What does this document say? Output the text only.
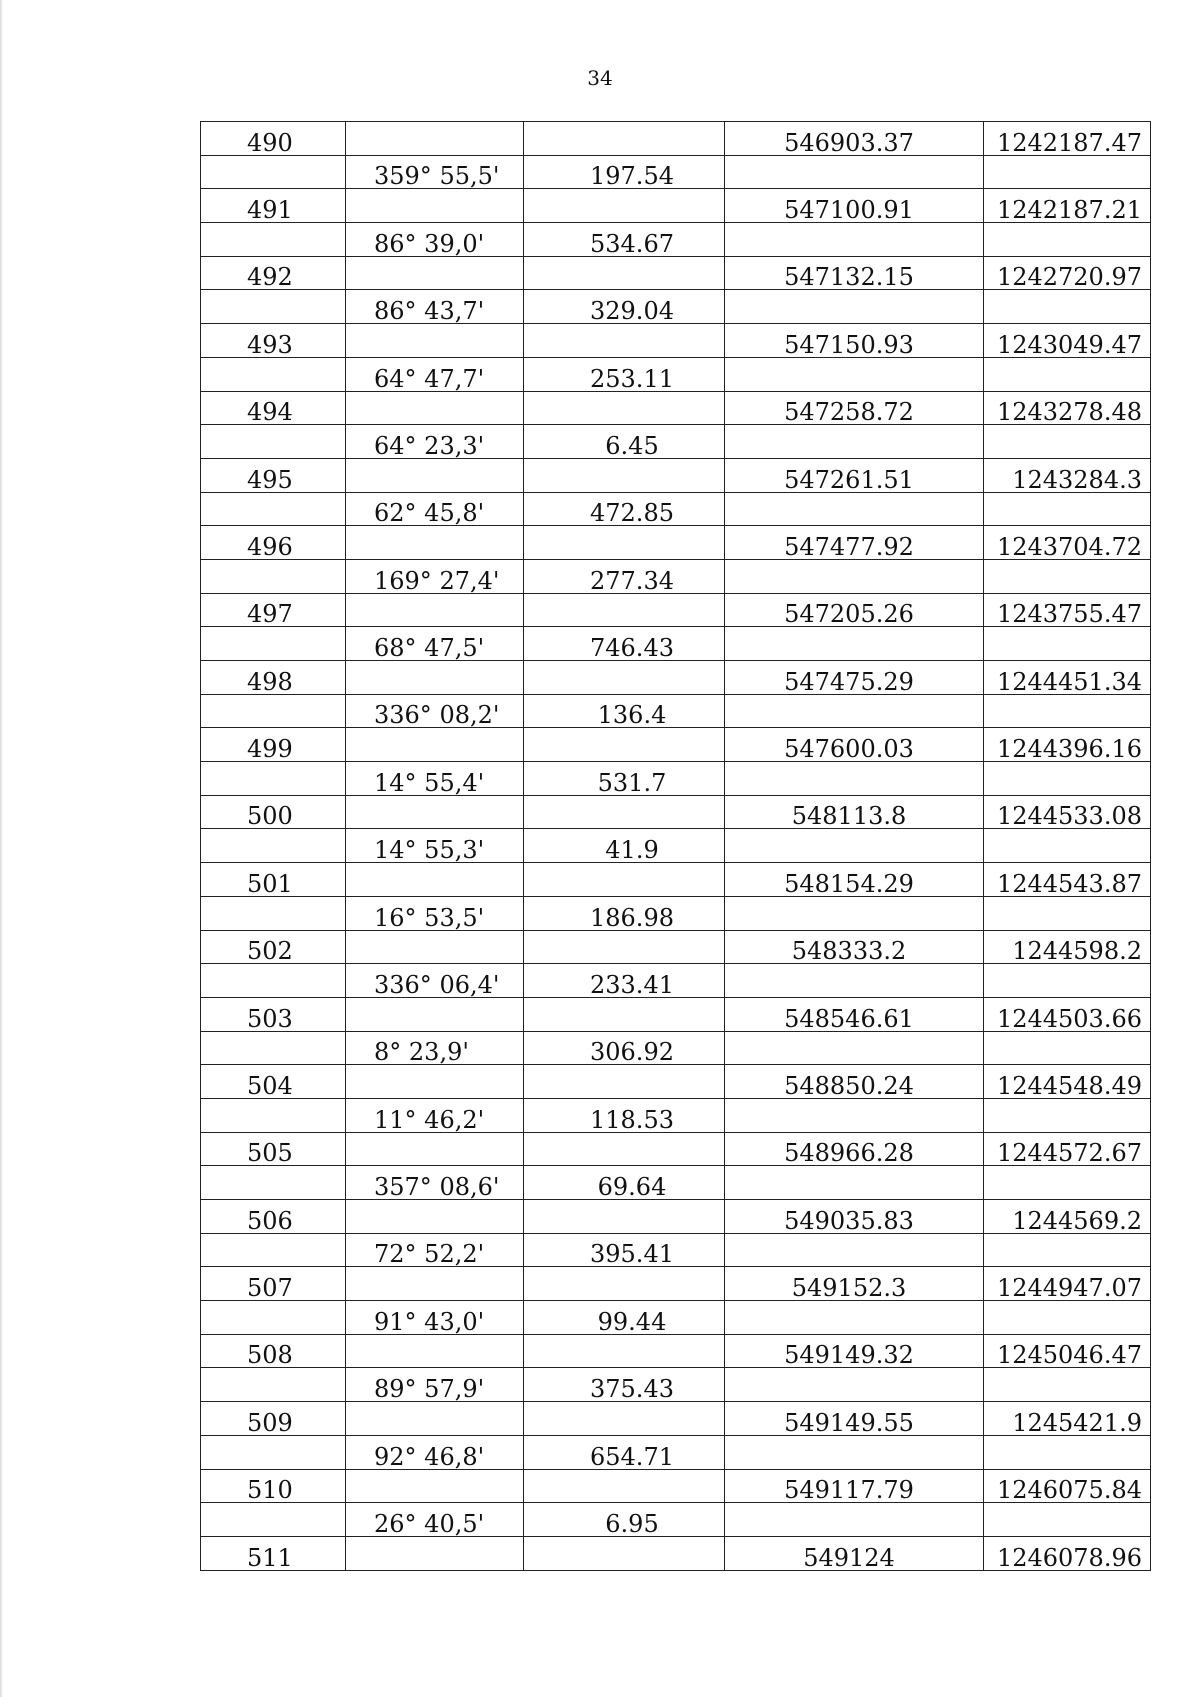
34
490			546903.37	1242187.47
	359° 55,5'	197.54		
491			547100.91	1242187.21
	86° 39,0'	534.67		
492			547132.15	1242720.97
	86° 43,7'	329.04		
493			547150.93	1243049.47
	64° 47,7'	253.11		
494			547258.72	1243278.48
	64° 23,3'	6.45		
495			547261.51	1243284.3
	62° 45,8'	472.85		
496			547477.92	1243704.72
	169° 27,4'	277.34		
497			547205.26	1243755.47
	68° 47,5'	746.43		
498			547475.29	1244451.34
	336° 08,2'	136.4		
499			547600.03	1244396.16
	14° 55,4'	531.7		
500			548113.8	1244533.08
	14° 55,3'	41.9		
501			548154.29	1244543.87
	16° 53,5'	186.98		
502			548333.2	1244598.2
	336° 06,4'	233.41		
503			548546.61	1244503.66
	8° 23,9'	306.92		
504			548850.24	1244548.49
	11° 46,2'	118.53		
505			548966.28	1244572.67
	357° 08,6'	69.64		
506			549035.83	1244569.2
	72° 52,2'	395.41		
507			549152.3	1244947.07
	91° 43,0'	99.44		
508			549149.32	1245046.47
	89° 57,9'	375.43		
509			549149.55	1245421.9
	92° 46,8'	654.71		
510			549117.79	1246075.84
	26° 40,5'	6.95		
511			549124	1246078.96
